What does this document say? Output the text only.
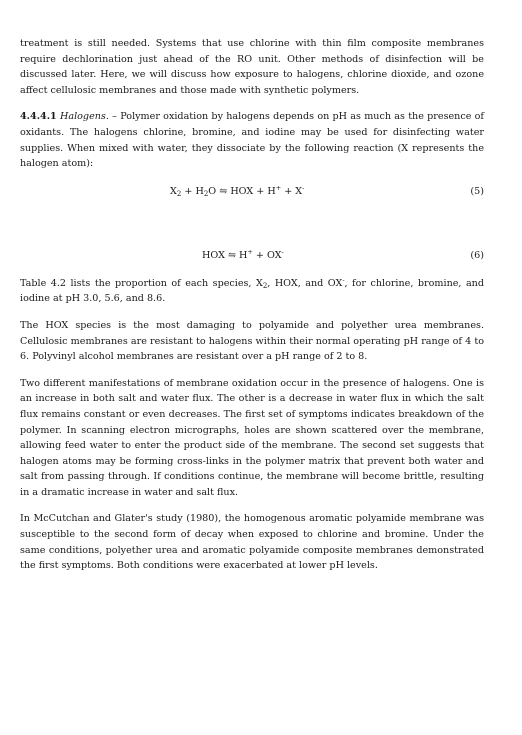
treatment is still needed. Systems that use chlorine with thin film composite membranes require dechlorination just ahead of the RO unit. Other methods of disinfection will be discussed later. Here, we will discuss how exposure to halogens, chlorine dioxide, and ozone affect cellulosic membranes and those made with synthetic polymers.

4.4.4.1 Halogens. – Polymer oxidation by halogens depends on pH as much as the presence of oxidants. The halogens chlorine, bromine, and iodine may be used for disinfecting water supplies. When mixed with water, they dissociate by the following reaction (X represents the halogen atom):

$X_2 + H_2O$ ⇋ HOX + H+ + X-	(5)
HOX ⇋ H+ + OX-	(6)

Table 4.2 lists the proportion of each species, $X_2$, HOX, and OX-, for chlorine, bromine, and iodine at pH 3.0, 5.6, and 8.6.

The HOX species is the most damaging to polyamide and polyether urea membranes. Cellulosic membranes are resistant to halogens within their normal operating pH range of 4 to 6. Polyvinyl alcohol membranes are resistant over a pH range of 2 to 8.

Two different manifestations of membrane oxidation occur in the presence of halogens. One is an increase in both salt and water flux. The other is a decrease in water flux in which the salt flux remains constant or even decreases. The first set of symptoms indicates breakdown of the polymer. In scanning electron micrographs, holes are shown scattered over the membrane, allowing feed water to enter the product side of the membrane. The second set suggests that halogen atoms may be forming cross-links in the polymer matrix that prevent both water and salt from passing through. If conditions continue, the membrane will become brittle, resulting in a dramatic increase in water and salt flux.

In McCutchan and Glater's study (1980), the homogenous aromatic polyamide membrane was susceptible to the second form of decay when exposed to chlorine and bromine. Under the same conditions, polyether urea and aromatic polyamide composite membranes demonstrated the first symptoms. Both conditions were exacerbated at lower pH levels.
